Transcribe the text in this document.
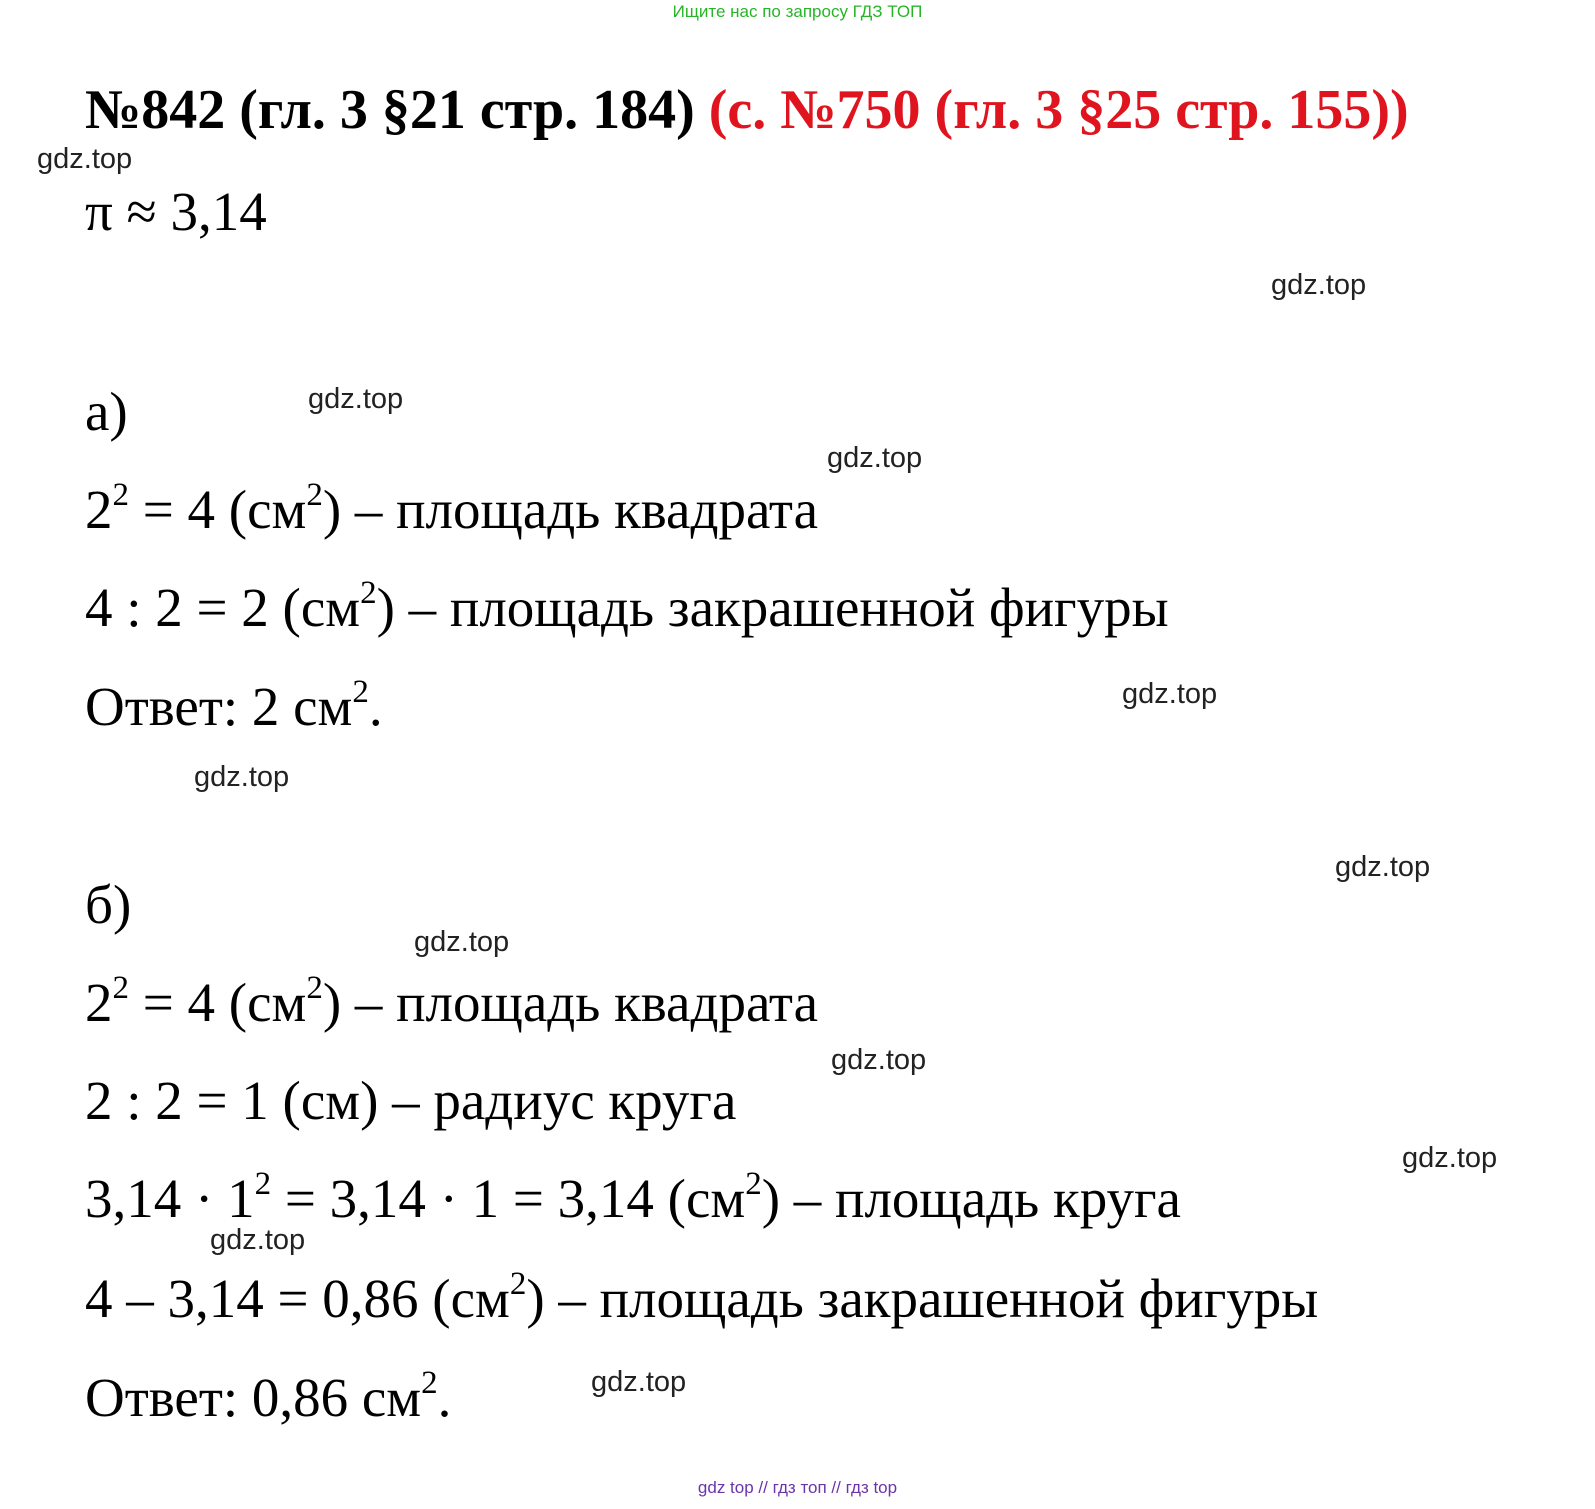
Ищите нас по запросу ГДЗ ТОП
№842 (гл. 3 §21 стр. 184) (с. №750 (гл. 3 §25 стр. 155))
π ≈ 3,14
а)
$2^2 = 4$ $(см^2)$ – площадь квадрата
4 : 2 = 2 $(см^2)$ – площадь закрашенной фигуры
Ответ: 2 $см^2$.
б)
$2^2 = 4$ $(см^2)$ – площадь квадрата
2 : 2 = 1 (см) – радиус круга
$3,14 \cdot 1^2 = 3,14 \cdot 1 = 3,14$ $(см^2)$ – площадь круга
4 – 3,14 = 0,86 $(см^2)$ – площадь закрашенной фигуры
Ответ: 0,86 $см^2$.
gdz.top
gdz.top
gdz.top
gdz.top
gdz.top
gdz.top
gdz.top
gdz.top
gdz.top
gdz.top
gdz.top
gdz.top
gdz top // гдз топ // гдз top
